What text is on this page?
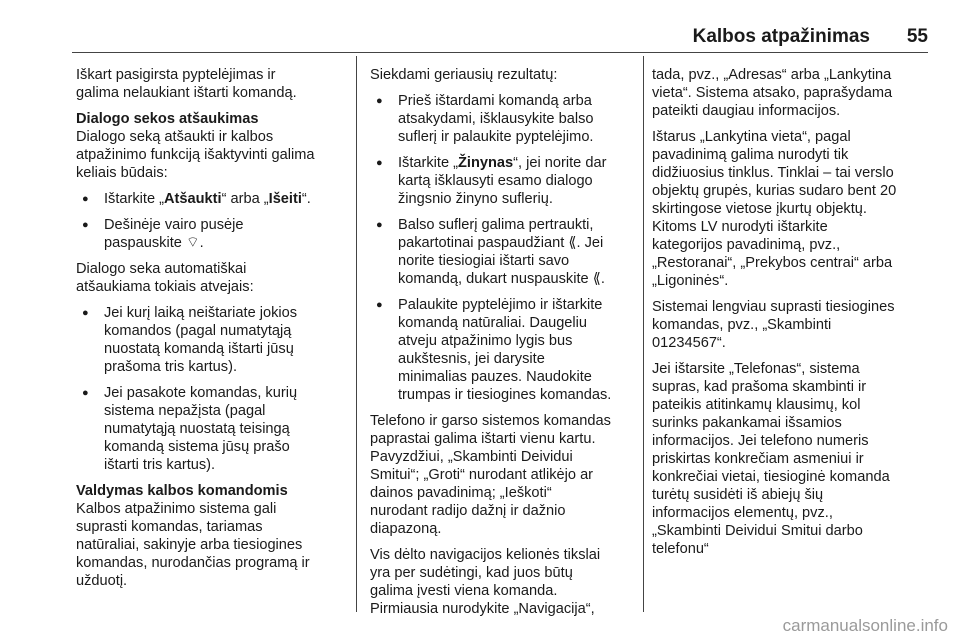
Kalbos atpažinimas 55

Iškart pasigirsta pyptelėjimas ir
galima nelaukiant ištarti komandą.

Dialogo sekos atšaukimas

Dialogo seką atšaukti ir kalbos
atpažinimo funkciją išaktyvinti galima
keliais būdais:

● Ištarkite „Atšaukti“ arba „Išeiti“.
● Dešinėje vairo pusėje
paspauskite ⌔.

Dialogo seka automatiškai
atšaukiama tokiais atvejais:

● Jei kurį laiką neištariate jokios
komandos (pagal numatytąją
nuostatą komandą ištarti jūsų
prašoma tris kartus).
● Jei pasakote komandas, kurių
sistema nepažįsta (pagal
numatytąją nuostatą teisingą
komandą sistema jūsų prašo
ištarti tris kartus).
Valdymas kalbos komandomis

Kalbos atpažinimo sistema gali
suprasti komandas, tariamas
natūraliai, sakinyje arba tiesiogines
komandas, nurodančias programą ir
užduotį.

Siekdami geriausių rezultatų:

● Prieš ištardami komandą arba
atsakydami, išklausykite balso
suflerį ir palaukite pyptelėjimo.
● Ištarkite „Žinynas“, jei norite dar
kartą išklausyti esamo dialogo
žingsnio žinyno suflerių.
● Balso suflerį galima pertraukti,
pakartotinai paspaudžiant ⟪. Jei
norite tiesiogiai ištarti savo
komandą, dukart nuspauskite ⟪.
● Palaukite pyptelėjimo ir ištarkite
komandą natūraliai. Daugeliu
atveju atpažinimo lygis bus
aukštesnis, jei darysite
minimalias pauzes. Naudokite
trumpas ir tiesiogines komandas.

Telefono ir garso sistemos komandas
paprastai galima ištarti vienu kartu.
Pavyzdžiui, „Skambinti Deividui
Smitui“; „Groti“ nurodant atlikėjo ar
dainos pavadinimą; „Ieškoti“
nurodant radijo dažnį ir dažnio
diapazoną.

Vis dėlto navigacijos kelionės tikslai
yra per sudėtingi, kad juos būtų
galima įvesti viena komanda.
Pirmiausia nurodykite „Navigacija“,

tada, pvz., „Adresas“ arba „Lankytina
vieta“. Sistema atsako, paprašydama
pateikti daugiau informacijos.

Ištarus „Lankytina vieta“, pagal
pavadinimą galima nurodyti tik
didžiuosius tinklus. Tinklai – tai verslo
objektų grupės, kurias sudaro bent 20
skirtingose vietose įkurtų objektų.
Kitoms LV nurodyti ištarkite
kategorijos pavadinimą, pvz.,
„Restoranai“, „Prekybos centrai“ arba
„Ligoninės“.

Sistemai lengviau suprasti tiesiogines
komandas, pvz., „Skambinti
01234567“.

Jei ištarsite „Telefonas“, sistema
supras, kad prašoma skambinti ir
pateikis atitinkamų klausimų, kol
surinks pakankamai išsamios
informacijos. Jei telefono numeris
priskirtas konkrečiam asmeniui ir
konkrečiai vietai, tiesioginė komanda
turėtų susidėti iš abiejų šių
informacijos elementų, pvz.,
„Skambinti Deividui Smitui darbo
telefonu“

carmanualsonline.info
